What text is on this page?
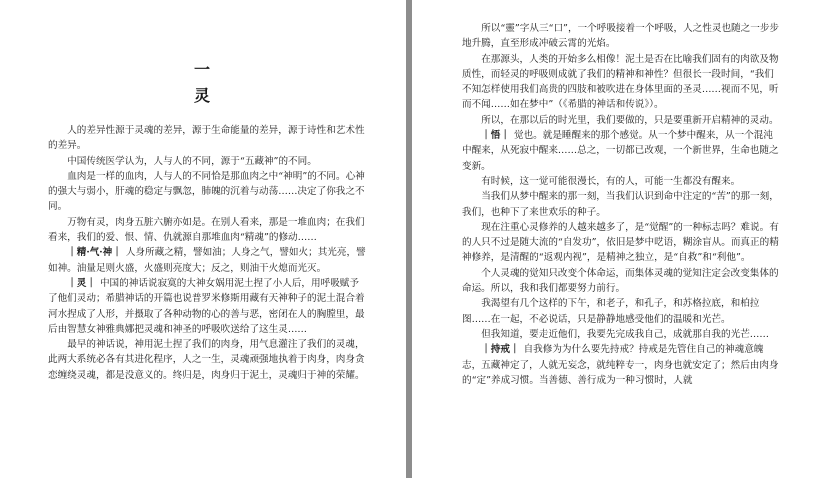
一
灵

人的差异性源于灵魂的差异，源于生命能量的差异，源于诗性和艺术性的差异。

中国传统医学认为，人与人的不同，源于“五藏神”的不同。

血肉是一样的血肉，人与人的不同恰是那血肉之中“神明”的不同。心神的强大与弱小，肝魂的稳定与飘忽，肺魄的沉着与动荡……决定了你我之不同。

万物有灵，肉身五脏六腑亦如是。在别人看来，那是一堆血肉；在我们看来，我们的爱、恨、情、仇就源自那堆血肉“精魂”的修动……

｜精·气·神｜ 人身所藏之精，譬如油；人身之气，譬如火；其光亮，譬如神。油量足则火盛，火盛则亮度大；反之，则油干火熄而光灭。

｜灵｜ 中国的神话说寂寞的大神女娲用泥土捏了小人后，用呼吸赋予了他们灵动；希腊神话的开篇也说普罗米修斯用藏有天神种子的泥土混合着河水捏成了人形，并摄取了各种动物的心的善与恶，密闭在人的胸膛里，最后由智慧女神雅典娜把灵魂和神圣的呼吸吹送给了这生灵……

最早的神话说，神用泥土捏了我们的肉身，用气息灌注了我们的灵魂，此两大系统必各有其进化程序，人之一生，灵魂顽强地执着于肉身，肉身贪恋缠绕灵魂，都是没意义的。终归是，肉身归于泥土，灵魂归于神的荣耀。

所以“靈”字从三“口”，一个呼吸接着一个呼吸，人之性灵也随之一步步地升腾，直至形成冲破云霄的光焰。

在那源头，人类的开始多么相像！泥土是否在比喻我们固有的肉欲及物质性，而轻灵的呼吸则成就了我们的精神和神性？但很长一段时间，“我们不知怎样使用我们高贵的四肢和被吹进在身体里面的圣灵……视而不见，听而不闻……如在梦中”（《希腊的神话和传说》）。

所以，在那以后的时光里，我们要做的，只是要重新开启精神的灵动。

｜悟｜ 觉也。就是睡醒来的那个感觉。从一个梦中醒来，从一个混沌中醒来，从死寂中醒来……总之，一切都已改观，一个新世界，生命也随之变新。

有时候，这一觉可能很漫长，有的人，可能一生都没有醒来。

当我们从梦中醒来的那一刻，当我们认识到命中注定的“苦”的那一刻，我们，也种下了来世欢乐的种子。

现在注重心灵修养的人越来越多了，是“觉醒”的一种标志吗？难说。有的人只不过是随大流的“自发功”，依旧是梦中呓语，糊涂盲从。而真正的精神修养，是清醒的“返观内视”，是精神之独立，是“自救”和“利他”。

个人灵魂的觉知只改变个体命运，而集体灵魂的觉知注定会改变集体的命运。所以，我和我们都要努力前行。

我渴望有几个这样的下午，和老子，和孔子，和苏格拉底，和柏拉图……在一起，不必说话，只是静静地感受他们的温暖和光芒。

但我知道，要走近他们，我要先完成我自己，成就那自我的光芒……

｜持戒｜ 自我修为为什么要先持戒？持戒是先管住自己的神魂意魄志，五藏神定了，人就无妄念，就纯粹专一，肉身也就安定了；然后由肉身的“定”养成习惯。当善德、善行成为一种习惯时，人就
